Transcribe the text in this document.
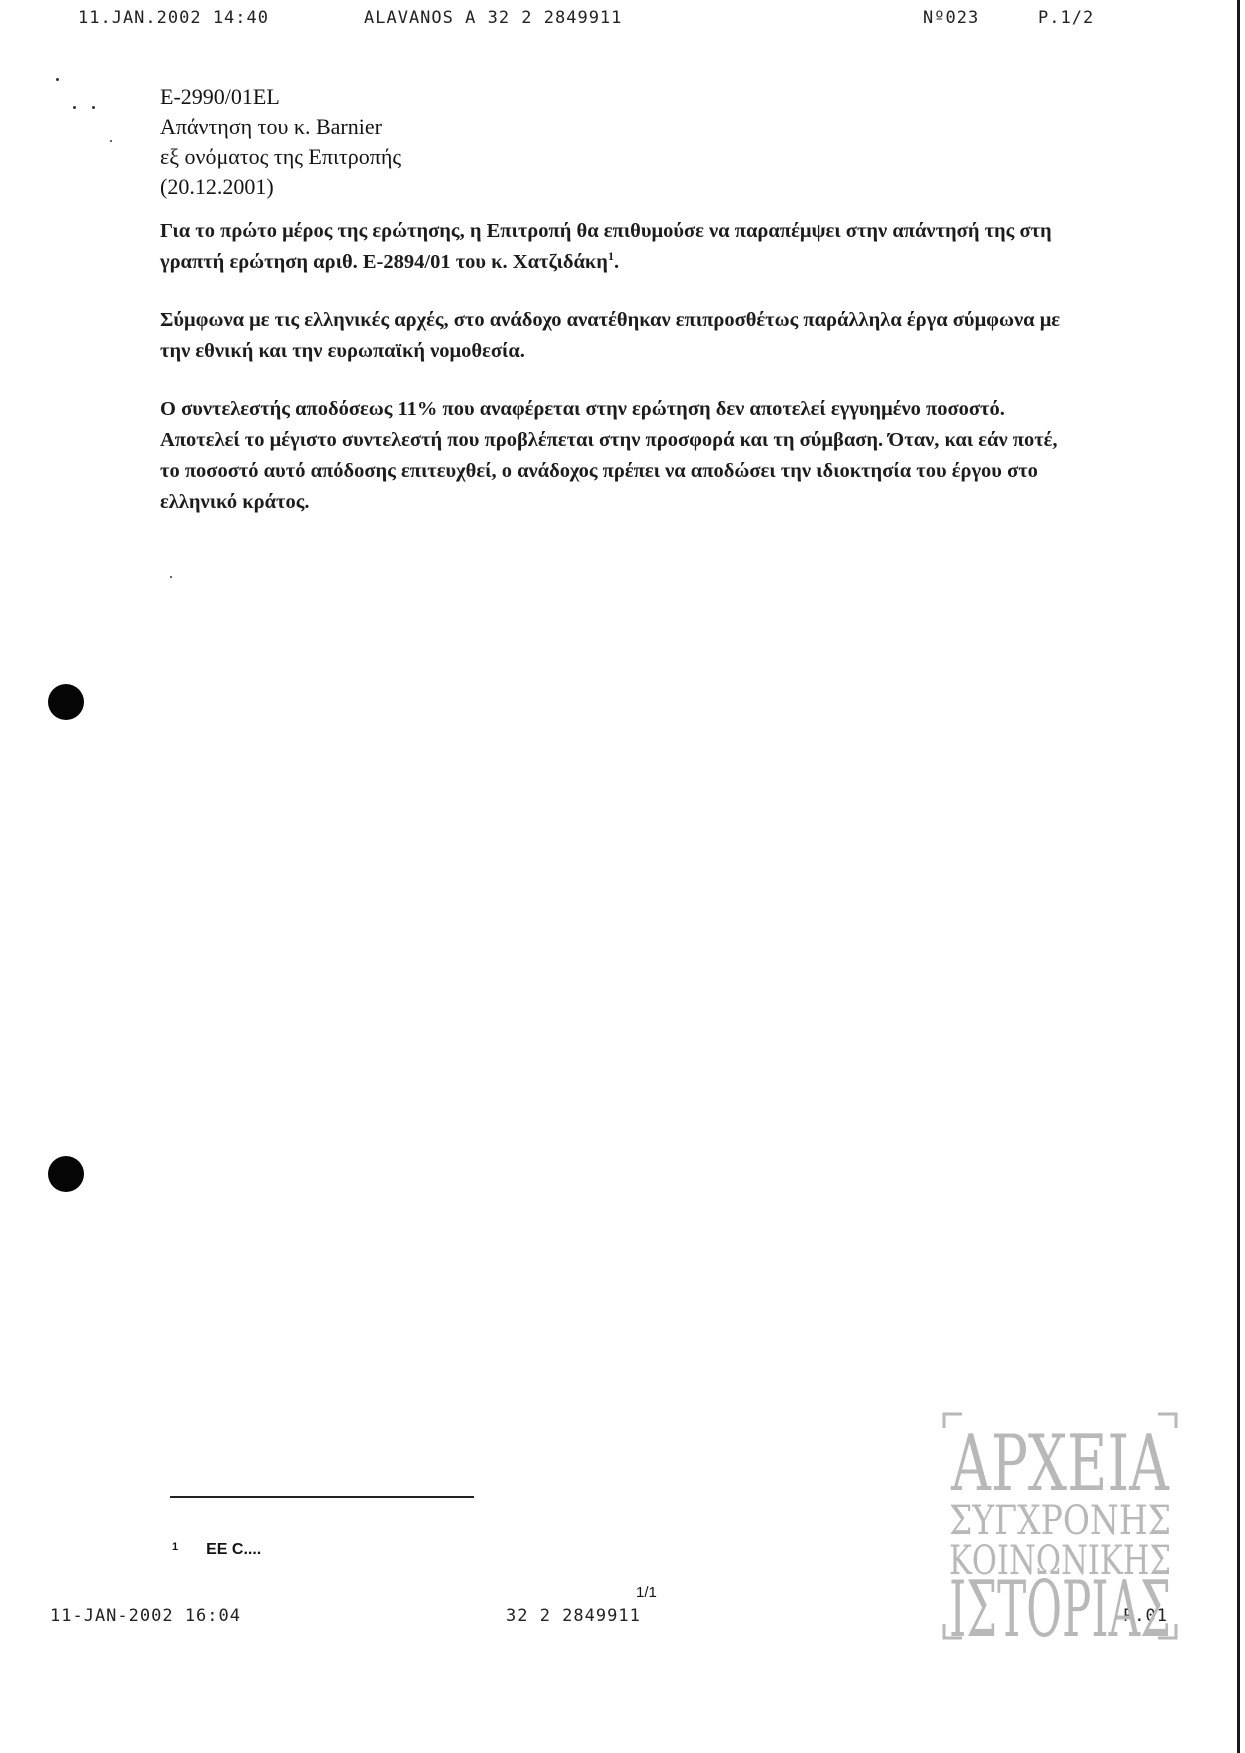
11.JAN.2002 14:40	ALAVANOS A 32 2 2849911	Nº023	P.1/2
E-2990/01EL
Απάντηση του κ. Barnier
εξ ονόματος της Επιτροπής
(20.12.2001)

Για το πρώτο μέρος της ερώτησης, η Επιτροπή θα επιθυμούσε να παραπέμψει στην απάντησή της στη γραπτή ερώτηση αριθ. Ε-2894/01 του κ. Χατζιδάκη$^1$.

Σύμφωνα με τις ελληνικές αρχές, στο ανάδοχο ανατέθηκαν επιπροσθέτως παράλληλα έργα σύμφωνα με την εθνική και την ευρωπαϊκή νομοθεσία.

Ο συντελεστής αποδόσεως 11% που αναφέρεται στην ερώτηση δεν αποτελεί εγγυημένο ποσοστό. Αποτελεί το μέγιστο συντελεστή που προβλέπεται στην προσφορά και τη σύμβαση. Όταν, και εάν ποτέ, το ποσοστό αυτό απόδοσης επιτευχθεί, ο ανάδοχος πρέπει να αποδώσει την ιδιοκτησία του έργου στο ελληνικό κράτος.

$^1$ ΕΕ C....
1/1
11-JAN-2002 16:04	32 2 2849911	P.01
ΑΡΧΕΙΑ
ΣΥΓΧΡΟΝΗΣ
ΚΟΙΝΩΝΙΚΗΣ
ΙΣΤΟΡΙΑΣ
